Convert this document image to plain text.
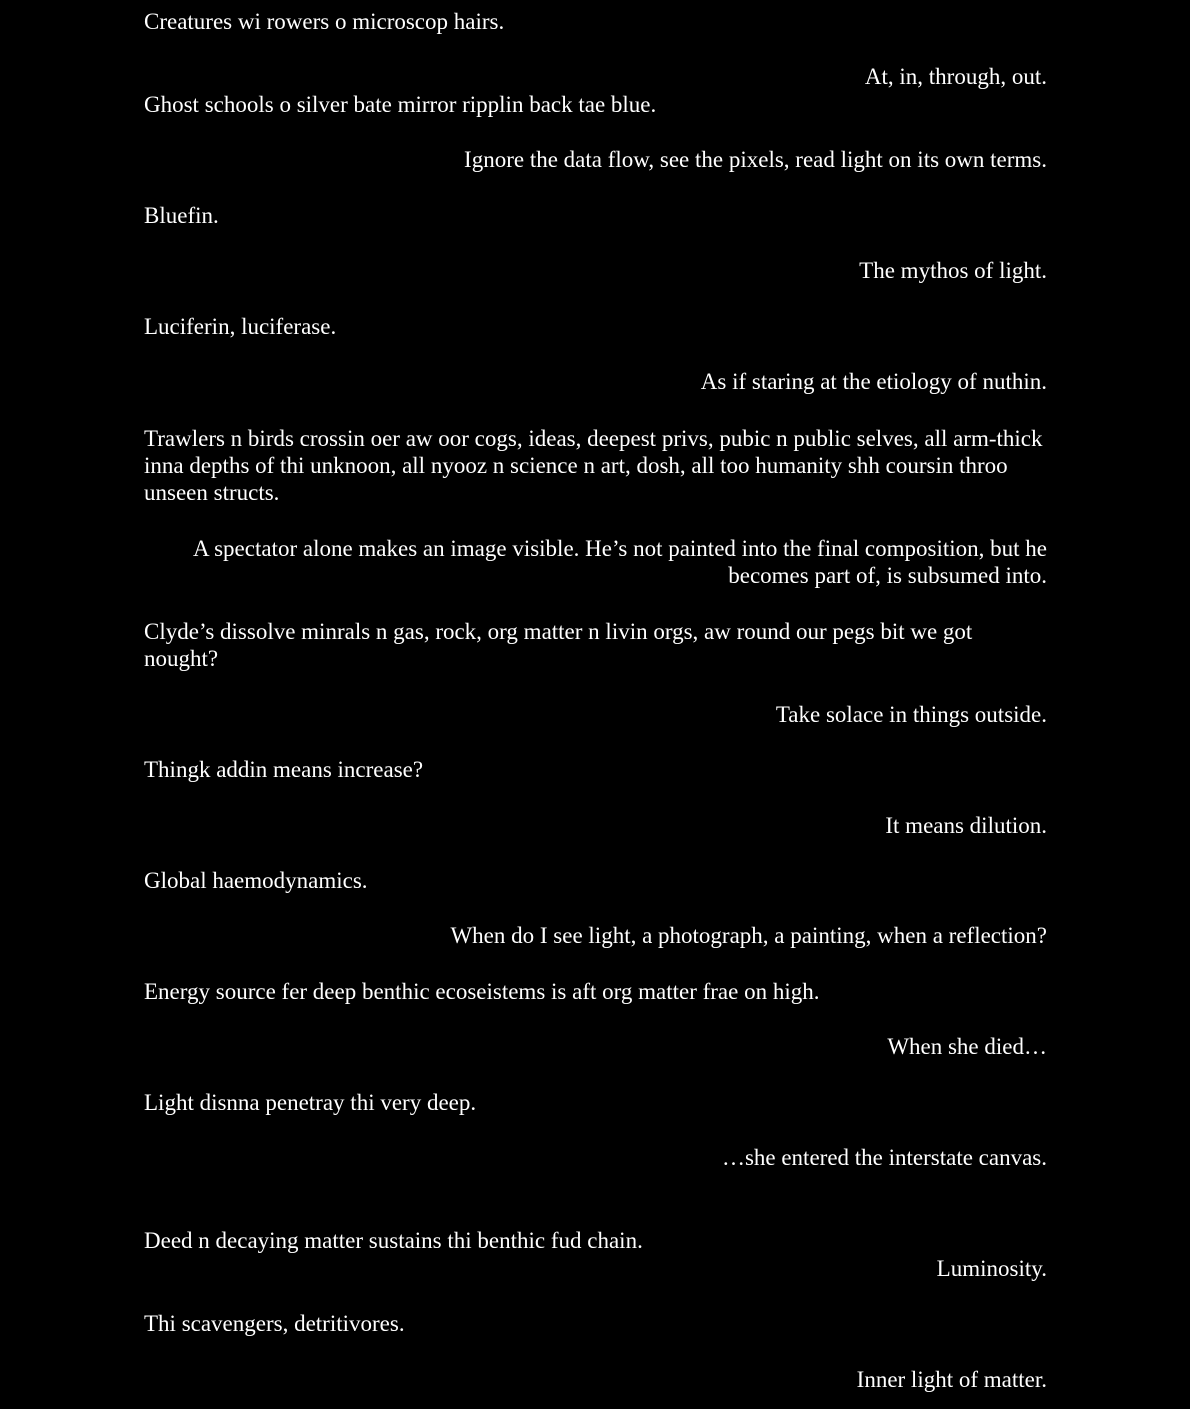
Creatures wi rowers o microscop hairs.

At, in, through, out.

Ghost schools o silver bate mirror ripplin back tae blue.

Ignore the data flow, see the pixels, read light on its own terms.

Bluefin.

The mythos of light.

Luciferin, luciferase.

As if staring at the etiology of nuthin.

Trawlers n birds crossin oer aw oor cogs, ideas, deepest privs, pubic n public selves, all arm-thick inna depths of thi unknoon, all nyooz n science n art, dosh, all too humanity shh coursin throo unseen structs.

A spectator alone makes an image visible. He’s not painted into the final composition, but he becomes part of, is subsumed into.

Clyde’s dissolve minrals n gas, rock, org matter n livin orgs, aw round our pegs bit we got nought?

Take solace in things outside.

Thingk addin means increase?

It means dilution.

Global haemodynamics.

When do I see light, a photograph, a painting, when a reflection?

Energy source fer deep benthic ecoseistems is aft org matter frae on high.

When she died…

Light disnna penetray thi very deep.

…she entered the interstate canvas.

Deed n decaying matter sustains thi benthic fud chain.

Luminosity.

Thi scavengers, detritivores.

Inner light of matter.
